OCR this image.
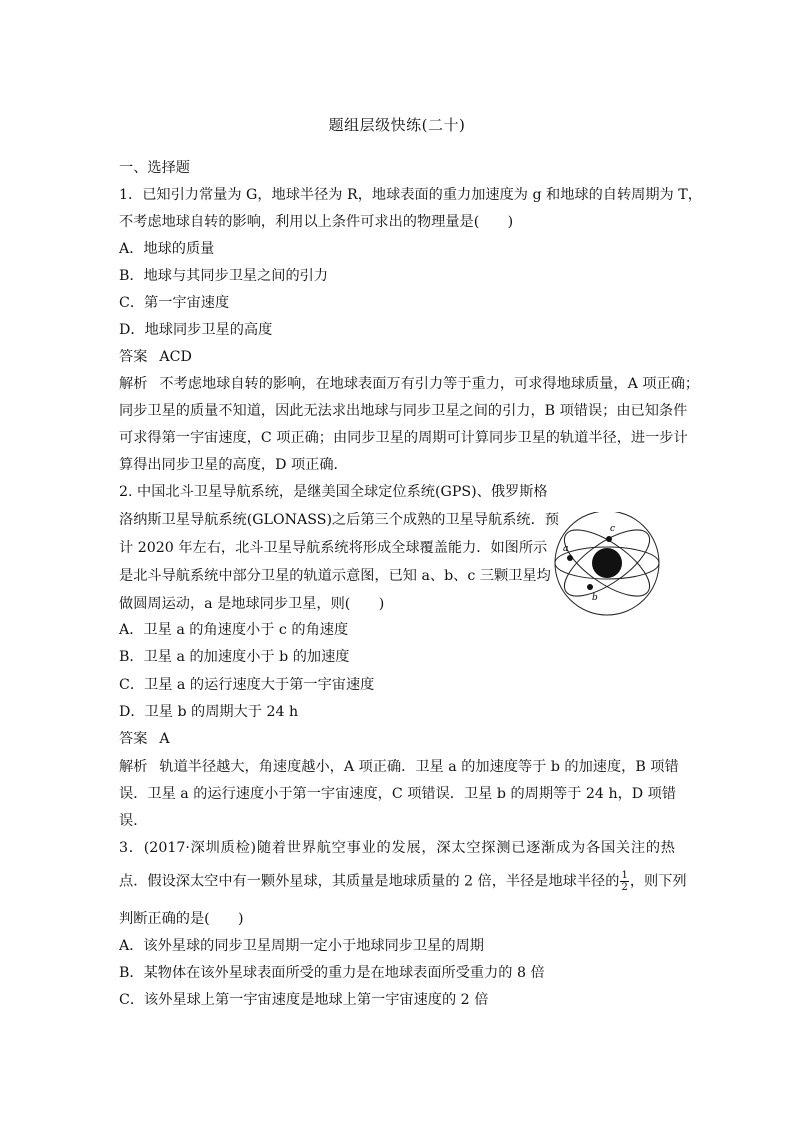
题组层级快练(二十)
一、选择题
1．已知引力常量为 G，地球半径为 R，地球表面的重力加速度为 g 和地球的自转周期为 T，
不考虑地球自转的影响，利用以上条件可求出的物理量是(　　)
A．地球的质量
B．地球与其同步卫星之间的引力
C．第一宇宙速度
D．地球同步卫星的高度
答案 ACD
解析 不考虑地球自转的影响，在地球表面万有引力等于重力，可求得地球质量，A 项正确；
同步卫星的质量不知道，因此无法求出地球与同步卫星之间的引力，B 项错误；由已知条件
可求得第一宇宙速度，C 项正确；由同步卫星的周期可计算同步卫星的轨道半径，进一步计
算得出同步卫星的高度，D 项正确．
2. 中国北斗卫星导航系统，是继美国全球定位系统(GPS)、俄罗斯格
洛纳斯卫星导航系统(GLONASS)之后第三个成熟的卫星导航系统．预
计 2020 年左右，北斗卫星导航系统将形成全球覆盖能力．如图所示
是北斗导航系统中部分卫星的轨道示意图，已知 a、b、c 三颗卫星均
做圆周运动，a 是地球同步卫星，则(　　)
a
c
b
A．卫星 a 的角速度小于 c 的角速度
B．卫星 a 的加速度小于 b 的加速度
C．卫星 a 的运行速度大于第一宇宙速度
D．卫星 b 的周期大于 24 h
答案 A
解析 轨道半径越大，角速度越小，A 项正确．卫星 a 的加速度等于 b 的加速度，B 项错
误．卫星 a 的运行速度小于第一宇宙速度，C 项错误．卫星 b 的周期等于 24 h，D 项错
误．
3．(2017·深圳质检)随着世界航空事业的发展，深太空探测已逐渐成为各国关注的热
点．假设深太空中有一颗外星球，其质量是地球质量的 2 倍，半径是地球半径的 $\frac{1}{2}$ ，则下列
判断正确的是(　　)
A．该外星球的同步卫星周期一定小于地球同步卫星的周期
B．某物体在该外星球表面所受的重力是在地球表面所受重力的 8 倍
C．该外星球上第一宇宙速度是地球上第一宇宙速度的 2 倍
